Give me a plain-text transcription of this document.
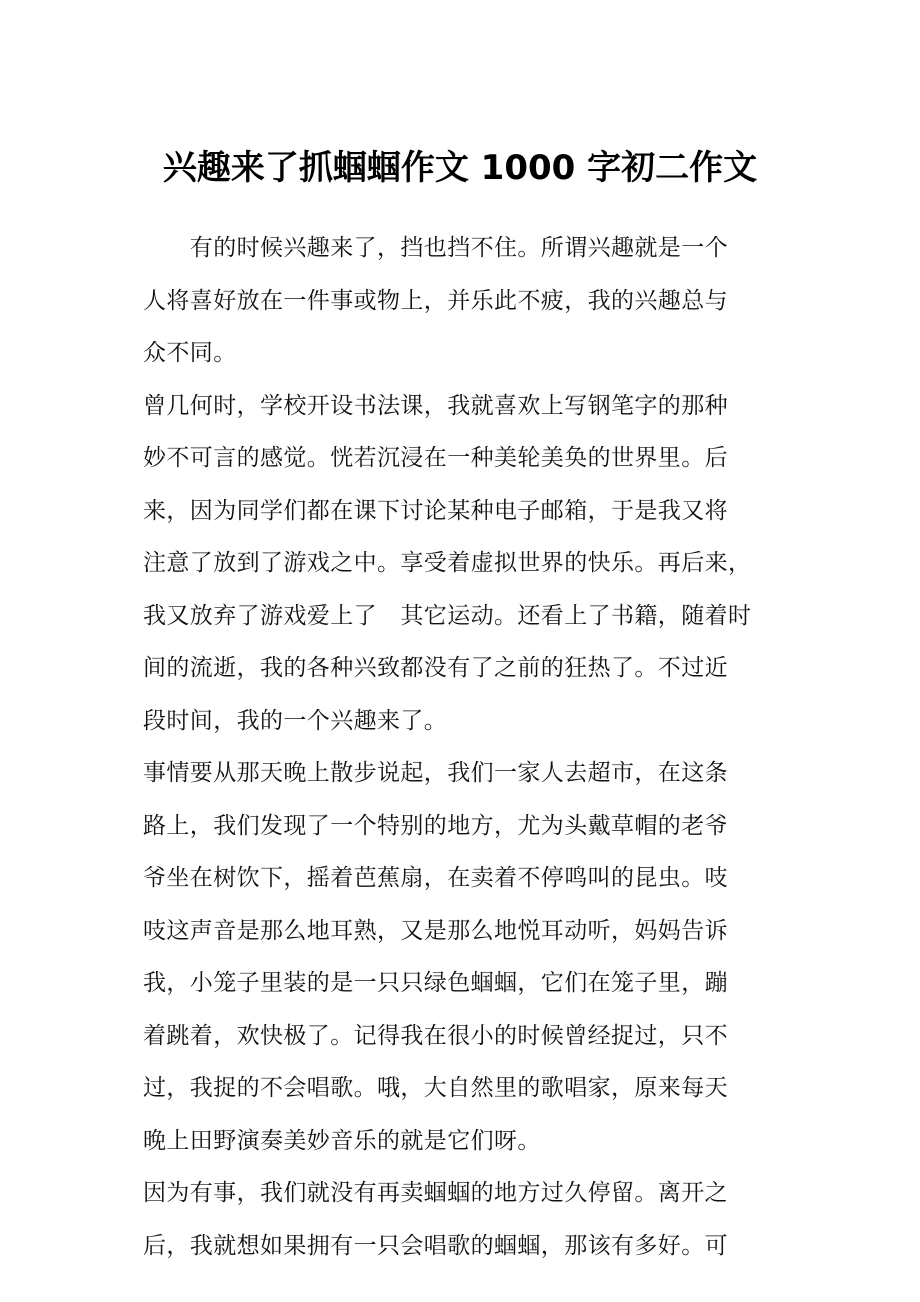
兴趣来了抓蝈蝈作文 1000 字初二作文
　　有的时候兴趣来了，挡也挡不住。所谓兴趣就是一个
人将喜好放在一件事或物上，并乐此不疲，我的兴趣总与
众不同。
曾几何时，学校开设书法课，我就喜欢上写钢笔字的那种
妙不可言的感觉。恍若沉浸在一种美轮美奂的世界里。后
来，因为同学们都在课下讨论某种电子邮箱，于是我又将
注意了放到了游戏之中。享受着虚拟世界的快乐。再后来，
我又放弃了游戏爱上了　其它运动。还看上了书籍，随着时
间的流逝，我的各种兴致都没有了之前的狂热了。不过近
段时间，我的一个兴趣来了。
事情要从那天晚上散步说起，我们一家人去超市，在这条
路上，我们发现了一个特别的地方，尤为头戴草帽的老爷
爷坐在树饮下，摇着芭蕉扇，在卖着不停鸣叫的昆虫。吱
吱这声音是那么地耳熟，又是那么地悦耳动听，妈妈告诉
我，小笼子里装的是一只只绿色蝈蝈，它们在笼子里，蹦
着跳着，欢快极了。记得我在很小的时候曾经捉过，只不
过，我捉的不会唱歌。哦，大自然里的歌唱家，原来每天
晚上田野演奏美妙音乐的就是它们呀。
因为有事，我们就没有再卖蝈蝈的地方过久停留。离开之
后，我就想如果拥有一只会唱歌的蝈蝈，那该有多好。可
